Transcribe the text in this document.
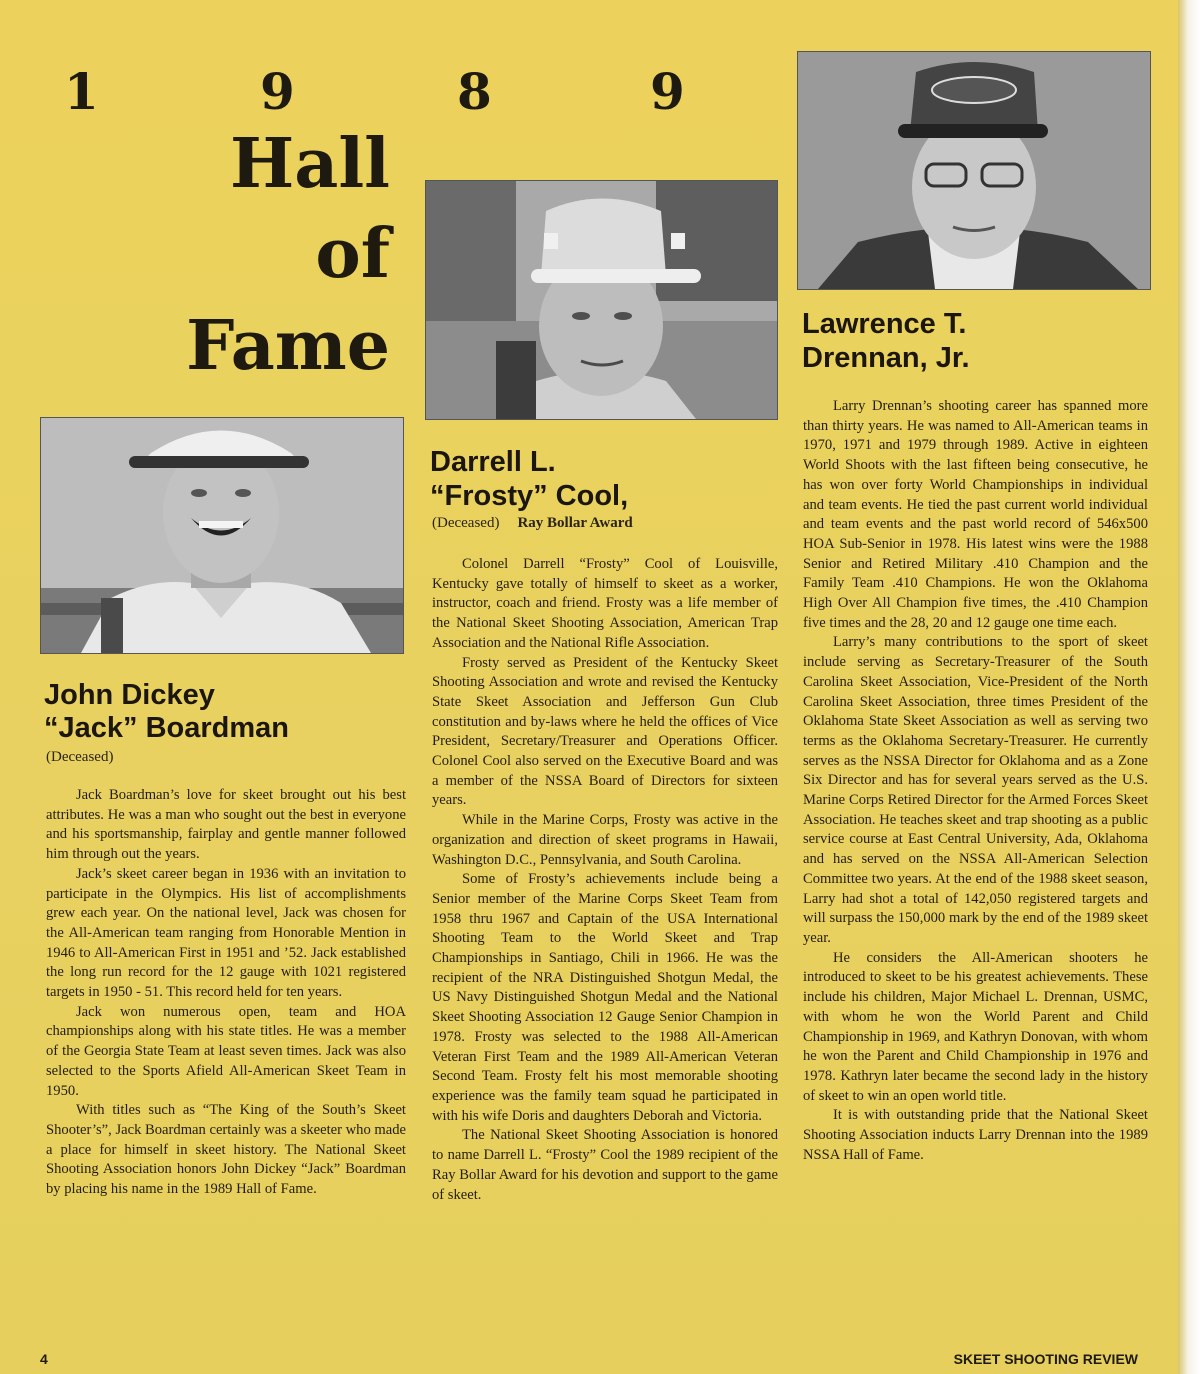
1	9	8	9
Hall
of
Fame
John Dickey
“Jack” Boardman
(Deceased)

Jack Boardman’s love for skeet brought out his best attributes. He was a man who sought out the best in everyone and his sportsmanship, fairplay and gentle manner followed him through out the years.

Jack’s skeet career began in 1936 with an invitation to participate in the Olympics. His list of accomplishments grew each year. On the national level, Jack was chosen for the All-American team ranging from Honorable Mention in 1946 to All-American First in 1951 and ’52. Jack established the long run record for the 12 gauge with 1021 registered targets in 1950 - 51. This record held for ten years.

Jack won numerous open, team and HOA championships along with his state titles. He was a member of the Georgia State Team at least seven times. Jack was also selected to the Sports Afield All-American Skeet Team in 1950.

With titles such as “The King of the South’s Skeet Shooter’s”, Jack Boardman certainly was a skeeter who made a place for himself in skeet history. The National Skeet Shooting Association honors John Dickey “Jack” Boardman by placing his name in the 1989 Hall of Fame.

Darrell L.
“Frosty” Cool,
(Deceased) Ray Bollar Award

Colonel Darrell “Frosty” Cool of Louisville, Kentucky gave totally of himself to skeet as a worker, instructor, coach and friend. Frosty was a life member of the National Skeet Shooting Association, American Trap Association and the National Rifle Association.

Frosty served as President of the Kentucky Skeet Shooting Association and wrote and revised the Kentucky State Skeet Association and Jefferson Gun Club constitution and by-laws where he held the offices of Vice President, Secretary/Treasurer and Operations Officer. Colonel Cool also served on the Executive Board and was a member of the NSSA Board of Directors for sixteen years.

While in the Marine Corps, Frosty was active in the organization and direction of skeet programs in Hawaii, Washington D.C., Pennsylvania, and South Carolina.

Some of Frosty’s achievements include being a Senior member of the Marine Corps Skeet Team from 1958 thru 1967 and Captain of the USA International Shooting Team to the World Skeet and Trap Championships in Santiago, Chili in 1966. He was the recipient of the NRA Distinguished Shotgun Medal, the US Navy Distinguished Shotgun Medal and the National Skeet Shooting Association 12 Gauge Senior Champion in 1978. Frosty was selected to the 1988 All-American Veteran First Team and the 1989 All-American Veteran Second Team. Frosty felt his most memorable shooting experience was the family team squad he participated in with his wife Doris and daughters Deborah and Victoria.

The National Skeet Shooting Association is honored to name Darrell L. “Frosty” Cool the 1989 recipient of the Ray Bollar Award for his devotion and support to the game of skeet.

Lawrence T.
Drennan, Jr.

Larry Drennan’s shooting career has spanned more than thirty years. He was named to All-American teams in 1970, 1971 and 1979 through 1989. Active in eighteen World Shoots with the last fifteen being consecutive, he has won over forty World Championships in individual and team events. He tied the past current world individual and team events and the past world record of 546x500 HOA Sub-Senior in 1978. His latest wins were the 1988 Senior and Retired Military .410 Champion and the Family Team .410 Champions. He won the Oklahoma High Over All Champion five times, the .410 Champion five times and the 28, 20 and 12 gauge one time each.

Larry’s many contributions to the sport of skeet include serving as Secretary-Treasurer of the South Carolina Skeet Association, Vice-President of the North Carolina Skeet Association, three times President of the Oklahoma State Skeet Association as well as serving two terms as the Oklahoma Secretary-Treasurer. He currently serves as the NSSA Director for Oklahoma and as a Zone Six Director and has for several years served as the U.S. Marine Corps Retired Director for the Armed Forces Skeet Association. He teaches skeet and trap shooting as a public service course at East Central University, Ada, Oklahoma and has served on the NSSA All-American Selection Committee two years. At the end of the 1988 skeet season, Larry had shot a total of 142,050 registered targets and will surpass the 150,000 mark by the end of the 1989 skeet year.

He considers the All-American shooters he introduced to skeet to be his greatest achievements. These include his children, Major Michael L. Drennan, USMC, with whom he won the World Parent and Child Championship in 1969, and Kathryn Donovan, with whom he won the Parent and Child Championship in 1976 and 1978. Kathryn later became the second lady in the history of skeet to win an open world title.

It is with outstanding pride that the National Skeet Shooting Association inducts Larry Drennan into the 1989 NSSA Hall of Fame.

4	SKEET SHOOTING REVIEW
